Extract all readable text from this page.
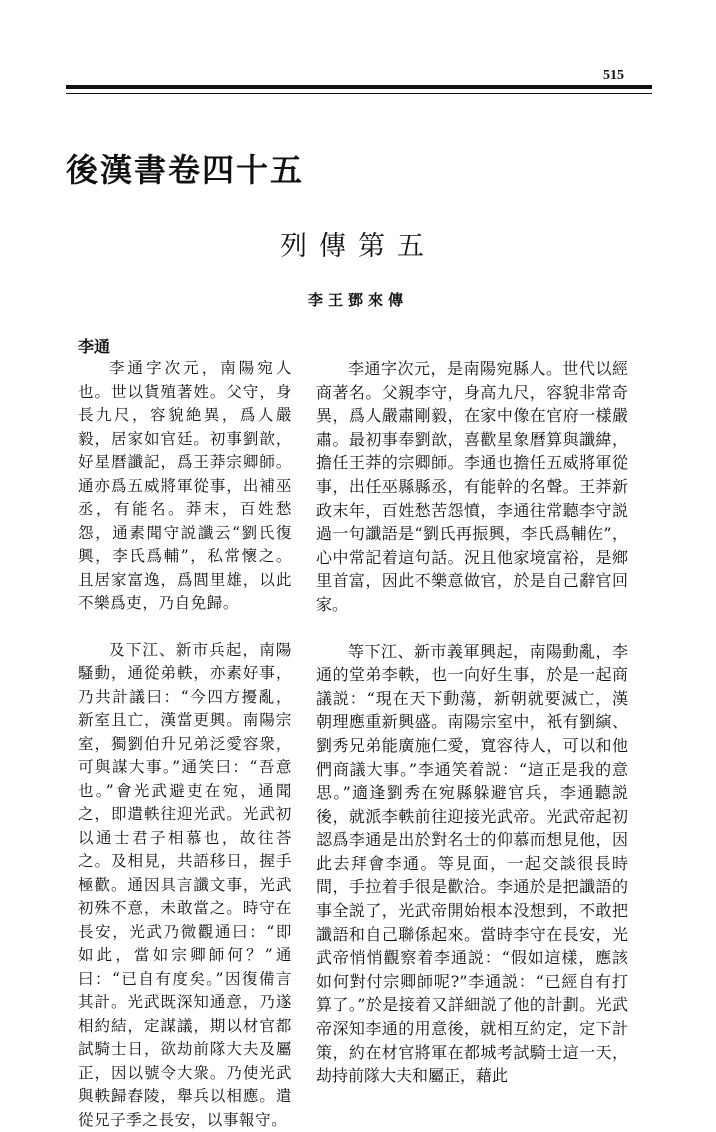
515
後漢書卷四十五
列傳第五
李王鄧來傳
李通

李通字次元，南陽宛人也。世以貨殖著姓。父守，身長九尺，容貌絶異，爲人嚴毅，居家如官廷。初事劉歆，好星曆讖記，爲王莽宗卿師。通亦爲五威將軍從事，出補巫丞，有能名。莽末，百姓愁怨，通素聞守説讖云“劉氏復興，李氏爲輔”，私常懷之。且居家富逸，爲閭里雄，以此不樂爲吏，乃自免歸。

及下江、新市兵起，南陽騷動，通從弟軼，亦素好事，乃共計議曰：“今四方擾亂，新室且亡，漢當更興。南陽宗室，獨劉伯升兄弟泛愛容衆，可與謀大事。”通笑曰：“吾意也。”會光武避吏在宛，通聞之，即遣軼往迎光武。光武初以通士君子相慕也，故往荅之。及相見，共語移日，握手極歡。通因具言讖文事，光武初殊不意，未敢當之。時守在長安，光武乃微觀通曰：“即如此，當如宗卿師何？”通曰：“已自有度矣。”因復備言其計。光武既深知通意，乃遂相約結，定謀議，期以材官都試騎士日，欲劫前隊大夫及屬正，因以號令大衆。乃使光武與軼歸舂陵，舉兵以相應。遣從兄子季之長安，以事報守。

李通字次元，是南陽宛縣人。世代以經商著名。父親李守，身高九尺，容貌非常奇異，爲人嚴肅剛毅，在家中像在官府一樣嚴肅。最初事奉劉歆，喜歡星象曆算與讖緯，擔任王莽的宗卿師。李通也擔任五威將軍從事，出任巫縣縣丞，有能幹的名聲。王莽新政末年，百姓愁苦怨憤，李通往常聽李守説過一句讖語是“劉氏再振興，李氏爲輔佐”，心中常記着這句話。況且他家境富裕，是鄉里首富，因此不樂意做官，於是自己辭官回家。

等下江、新市義軍興起，南陽動亂，李通的堂弟李軼，也一向好生事，於是一起商議説：“現在天下動蕩，新朝就要滅亡，漢朝理應重新興盛。南陽宗室中，衹有劉縯、劉秀兄弟能廣施仁愛，寬容待人，可以和他們商議大事。”李通笑着説：“這正是我的意思。”適逢劉秀在宛縣躲避官兵，李通聽説後，就派李軼前往迎接光武帝。光武帝起初認爲李通是出於對名士的仰慕而想見他，因此去拜會李通。等見面，一起交談很長時間，手拉着手很是歡洽。李通於是把讖語的事全説了，光武帝開始根本没想到，不敢把讖語和自己聯係起來。當時李守在長安，光武帝悄悄觀察着李通説：“假如這樣，應該如何對付宗卿師呢?”李通説：“已經自有打算了。”於是接着又詳細説了他的計劃。光武帝深知李通的用意後，就相互約定，定下計策，約在材官將軍在都城考試騎士這一天，劫持前隊大夫和屬正，藉此
